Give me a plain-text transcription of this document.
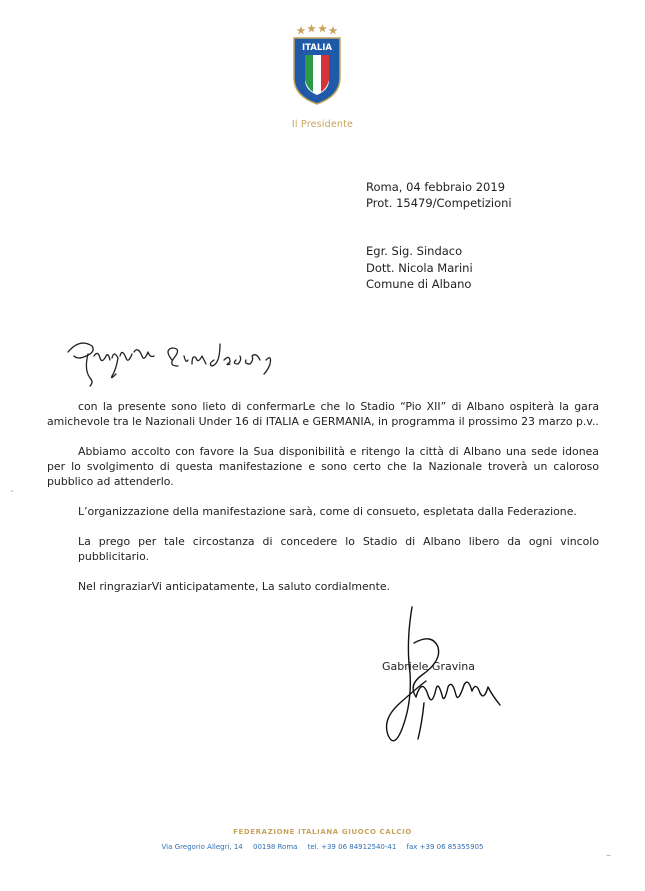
ITALIA
Il Presidente
Roma, 04 febbraio 2019
Prot. 15479/Competizioni
Egr. Sig. Sindaco
Dott. Nicola Marini
Comune di Albano

con la presente sono lieto di confermarLe che lo Stadio “Pio XII” di Albano ospiterà la gara amichevole tra le Nazionali Under 16 di ITALIA e GERMANIA, in programma il prossimo 23 marzo p.v..

Abbiamo accolto con favore la Sua disponibilità e ritengo la città di Albano una sede idonea per lo svolgimento di questa manifestazione e sono certo che la Nazionale troverà un caloroso pubblico ad attenderlo.

L’organizzazione della manifestazione sarà, come di consueto, espletata dalla Federazione.

La prego per tale circostanza di concedere lo Stadio di Albano libero da ogni vincolo pubblicitario.

Nel ringraziarVi anticipatamente, La saluto cordialmente.

Gabriele Gravina
FEDERAZIONE ITALIANA GIUOCO CALCIO
Via Gregorio Allegri, 14 00198 Roma tel. +39 06 84912540-41 fax +39 06 85355905
-
–
